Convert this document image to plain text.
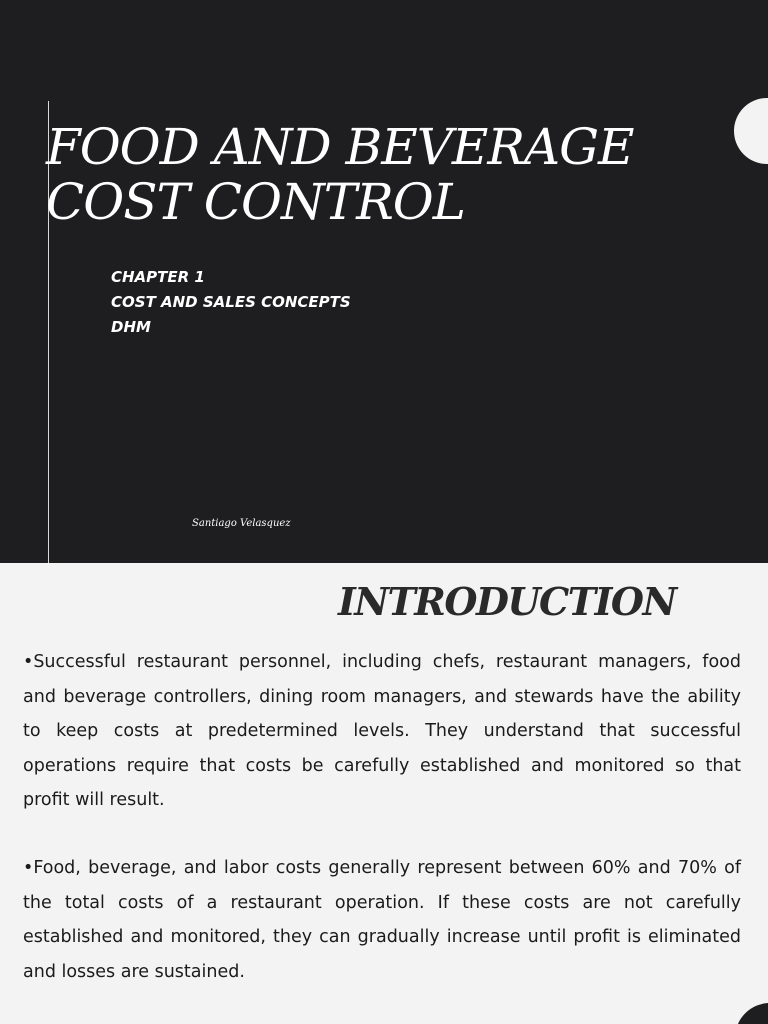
FOOD AND BEVERAGE COST CONTROL
CHAPTER 1
COST AND SALES CONCEPTS
DHM
Santiago Velasquez
INTRODUCTION

•Successful restaurant personnel, including chefs, restaurant managers, food and beverage controllers, dining room managers, and stewards have the ability to keep costs at predetermined levels. They understand that successful operations require that costs be carefully established and monitored so that profit will result.

•Food, beverage, and labor costs generally represent between 60% and 70% of the total costs of a restaurant operation. If these costs are not carefully established and monitored, they can gradually increase until profit is eliminated and losses are sustained.
